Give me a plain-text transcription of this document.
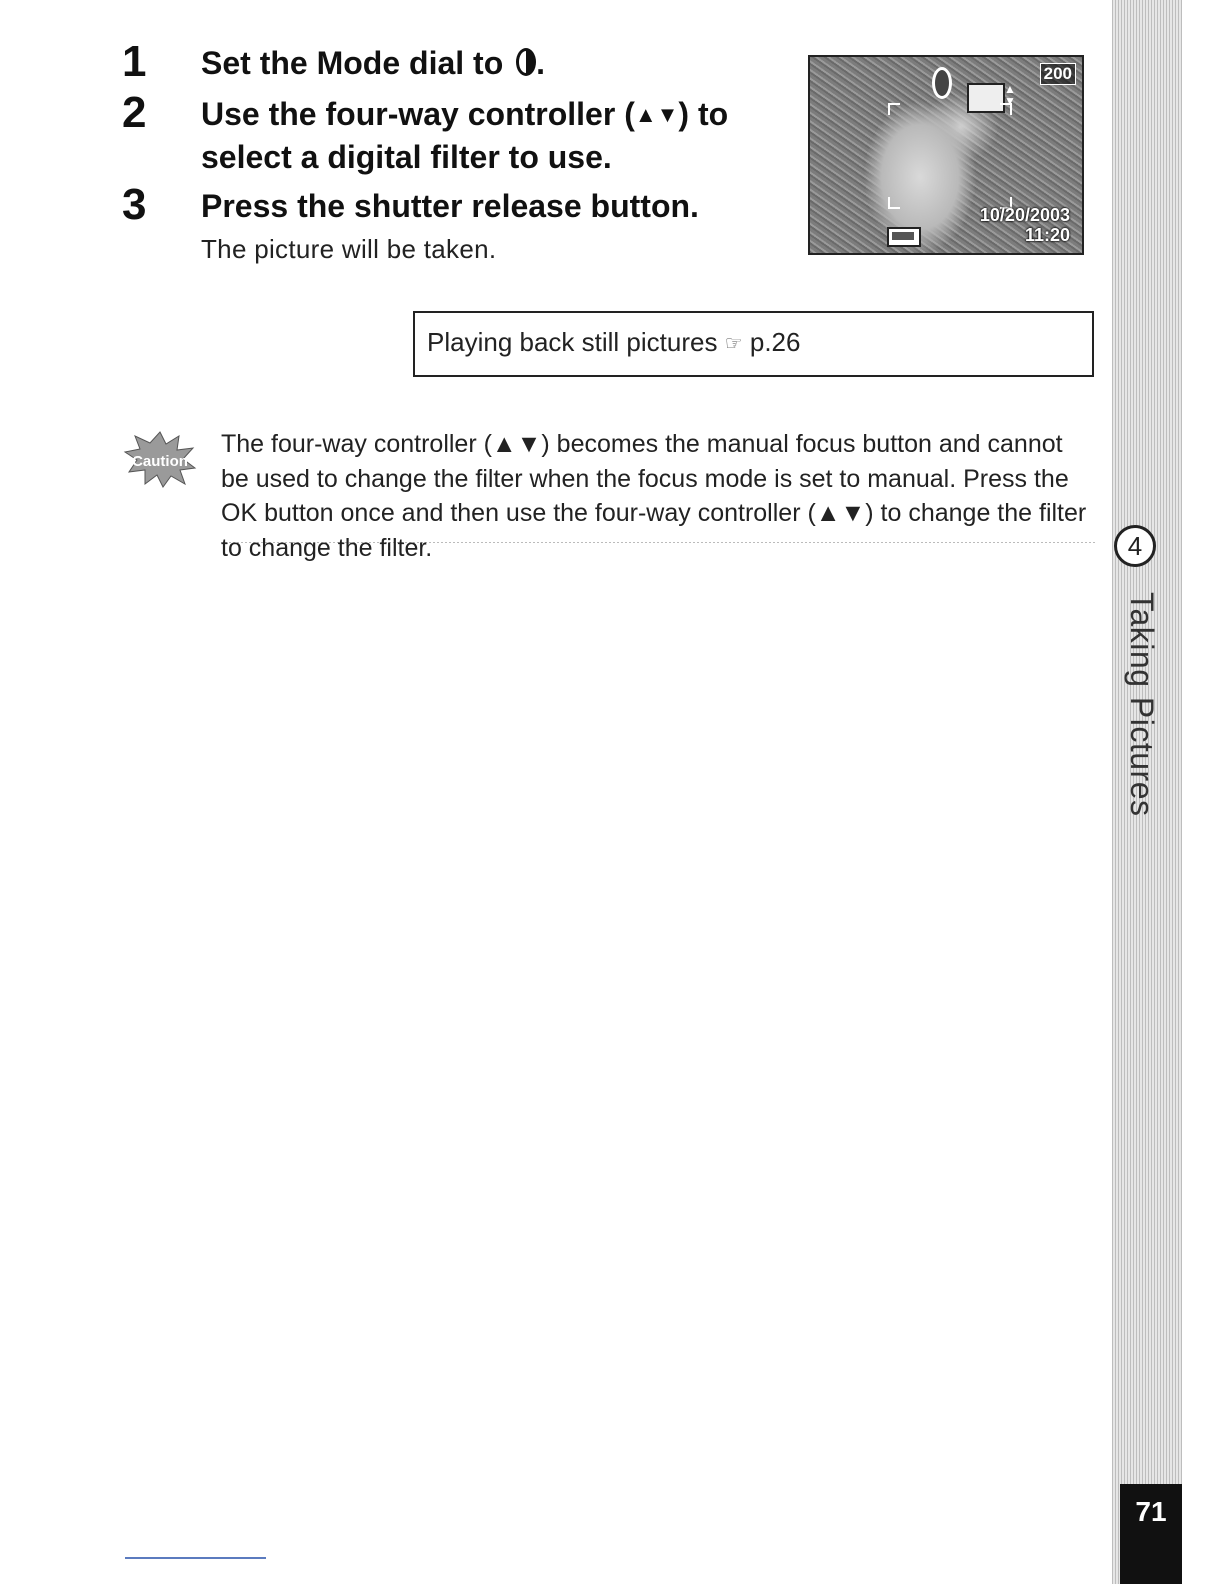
1 Set the Mode dial to .
2 Use the four-way controller (▲▼) to
select a digital filter to use.
3 Press the shutter release button.
The picture will be taken.
▲
▼
200
10/20/2003
11:20
Playing back still pictures ☞ p.26
Caution
The four-way controller (▲▼) becomes the manual focus button and cannot be used to change the filter when the focus mode is set to manual. Press the OK button once and then use the four-way controller (▲▼) to change the filter to change the filter.	4
Taking Pictures
71
